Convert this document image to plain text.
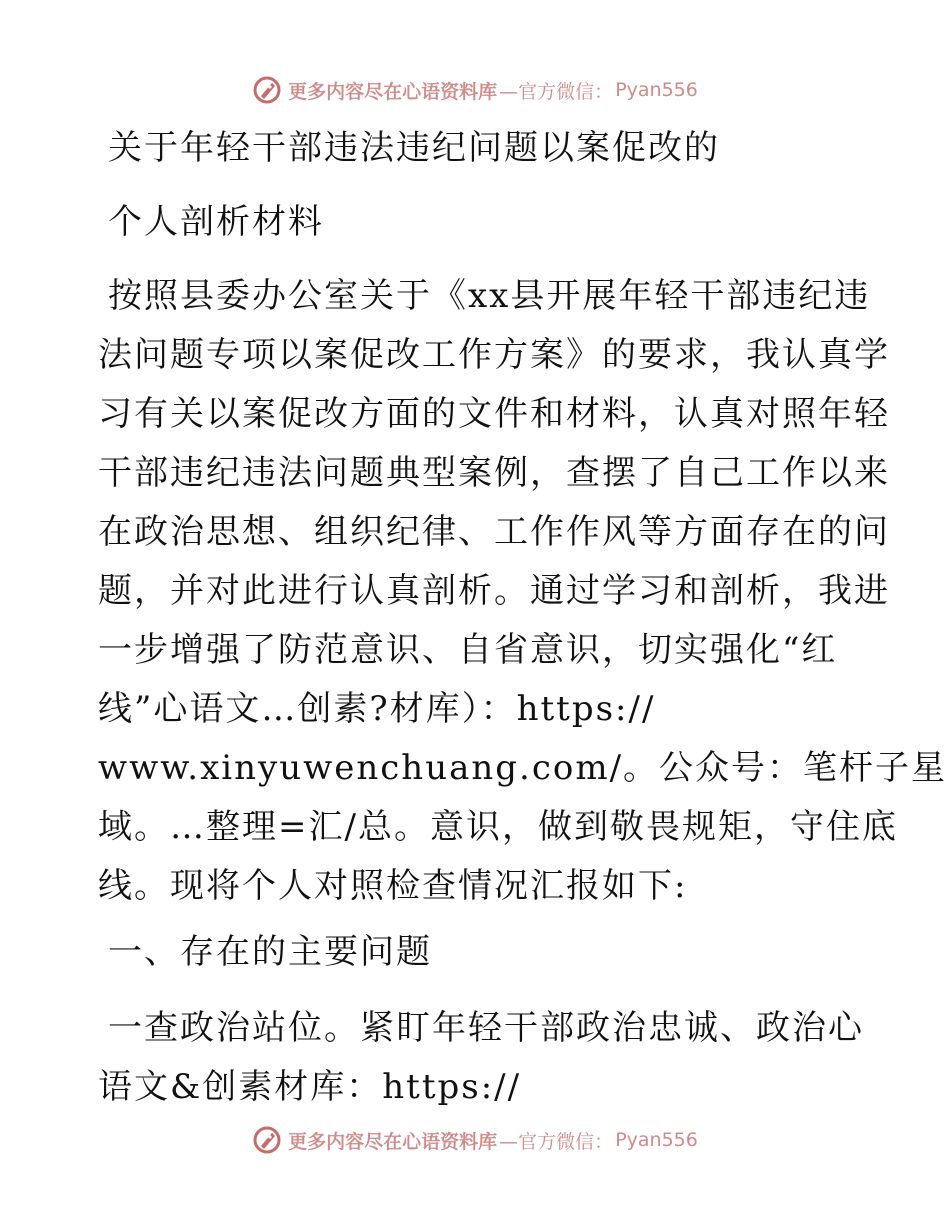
更多内容尽在心语资料库 —官方微信： Pyan556
关于年轻干部违法违纪问题以案促改的
个人剖析材料
按照县委办公室关于《xx县开展年轻干部违纪违
法问题专项以案促改工作方案》的要求，我认真学
习有关以案促改方面的文件和材料，认真对照年轻
干部违纪违法问题典型案例，查摆了自己工作以来
在政治思想、组织纪律、工作作风等方面存在的问
题，并对此进行认真剖析。通过学习和剖析，我进
一步增强了防范意识、自省意识，切实强化“红
线”心语文…创素?材库）：https://
www.xinyuwenchuang.com/。公众号：笔杆子星
域。…整理=汇/总。意识，做到敬畏规矩，守住底
线。现将个人对照检查情况汇报如下:
一、存在的主要问题
一查政治站位。紧盯年轻干部政治忠诚、政治心
语文&创素材库：https://
更多内容尽在心语资料库 —官方微信： Pyan556
